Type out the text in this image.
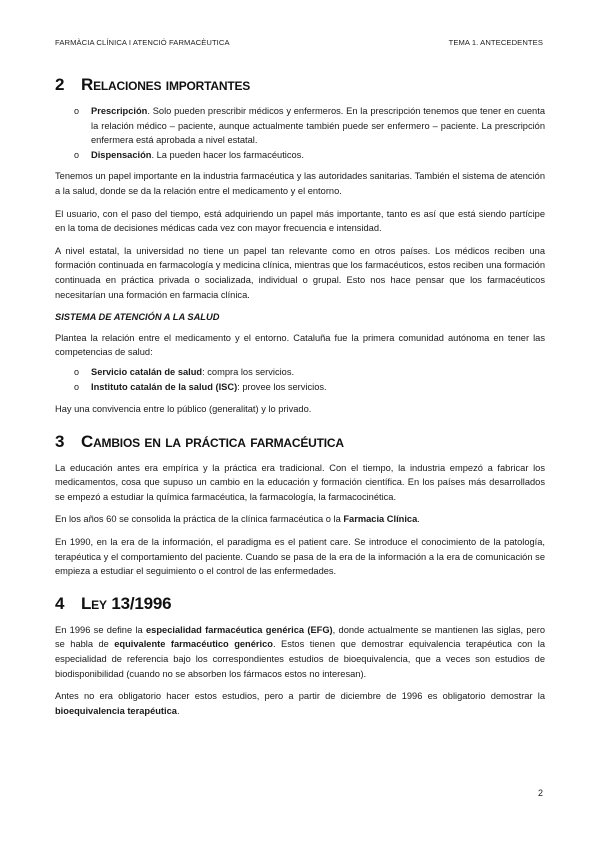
FARMÀCIA CLÍNICA I ATENCIÓ FARMACÈUTICA	TEMA 1. ANTECEDENTES
2 Relaciones importantes
o Prescripción. Solo pueden prescribir médicos y enfermeros. En la prescripción tenemos que tener en cuenta la relación médico – paciente, aunque actualmente también puede ser enfermero – paciente. La prescripción enfermera está aprobada a nivel estatal.
o Dispensación. La pueden hacer los farmacéuticos.

Tenemos un papel importante en la industria farmacéutica y las autoridades sanitarias. También el sistema de atención a la salud, donde se da la relación entre el medicamento y el entorno.

El usuario, con el paso del tiempo, está adquiriendo un papel más importante, tanto es así que está siendo partícipe en la toma de decisiones médicas cada vez con mayor frecuencia e intensidad.

A nivel estatal, la universidad no tiene un papel tan relevante como en otros países. Los médicos reciben una formación continuada en farmacología y medicina clínica, mientras que los farmacéuticos, estos reciben una formación continuada en práctica privada o socializada, individual o grupal. Esto nos hace pensar que los farmacéuticos necesitarían una formación en farmacia clínica.

SISTEMA DE ATENCIÓN A LA SALUD

Plantea la relación entre el medicamento y el entorno. Cataluña fue la primera comunidad autónoma en tener las competencias de salud:

o Servicio catalán de salud: compra los servicios.
o Instituto catalán de la salud (ISC): provee los servicios.

Hay una convivencia entre lo público (generalitat) y lo privado.

3 Cambios en la práctica farmacéutica

La educación antes era empírica y la práctica era tradicional. Con el tiempo, la industria empezó a fabricar los medicamentos, cosa que supuso un cambio en la educación y formación científica. En los países más desarrollados se empezó a estudiar la química farmacéutica, la farmacología, la farmacocinética.

En los años 60 se consolida la práctica de la clínica farmacéutica o la Farmacia Clínica.

En 1990, en la era de la información, el paradigma es el patient care. Se introduce el conocimiento de la patología, terapéutica y el comportamiento del paciente. Cuando se pasa de la era de la información a la era de comunicación se empieza a estudiar el seguimiento o el control de las enfermedades.

4 Ley 13/1996

En 1996 se define la especialidad farmacéutica genérica (EFG), donde actualmente se mantienen las siglas, pero se habla de equivalente farmacéutico genérico. Estos tienen que demostrar equivalencia terapéutica con la especialidad de referencia bajo los correspondientes estudios de bioequivalencia, que a veces son estudios de biodisponibilidad (cuando no se absorben los fármacos estos no interesan).

Antes no era obligatorio hacer estos estudios, pero a partir de diciembre de 1996 es obligatorio demostrar la bioequivalencia terapéutica.

2
